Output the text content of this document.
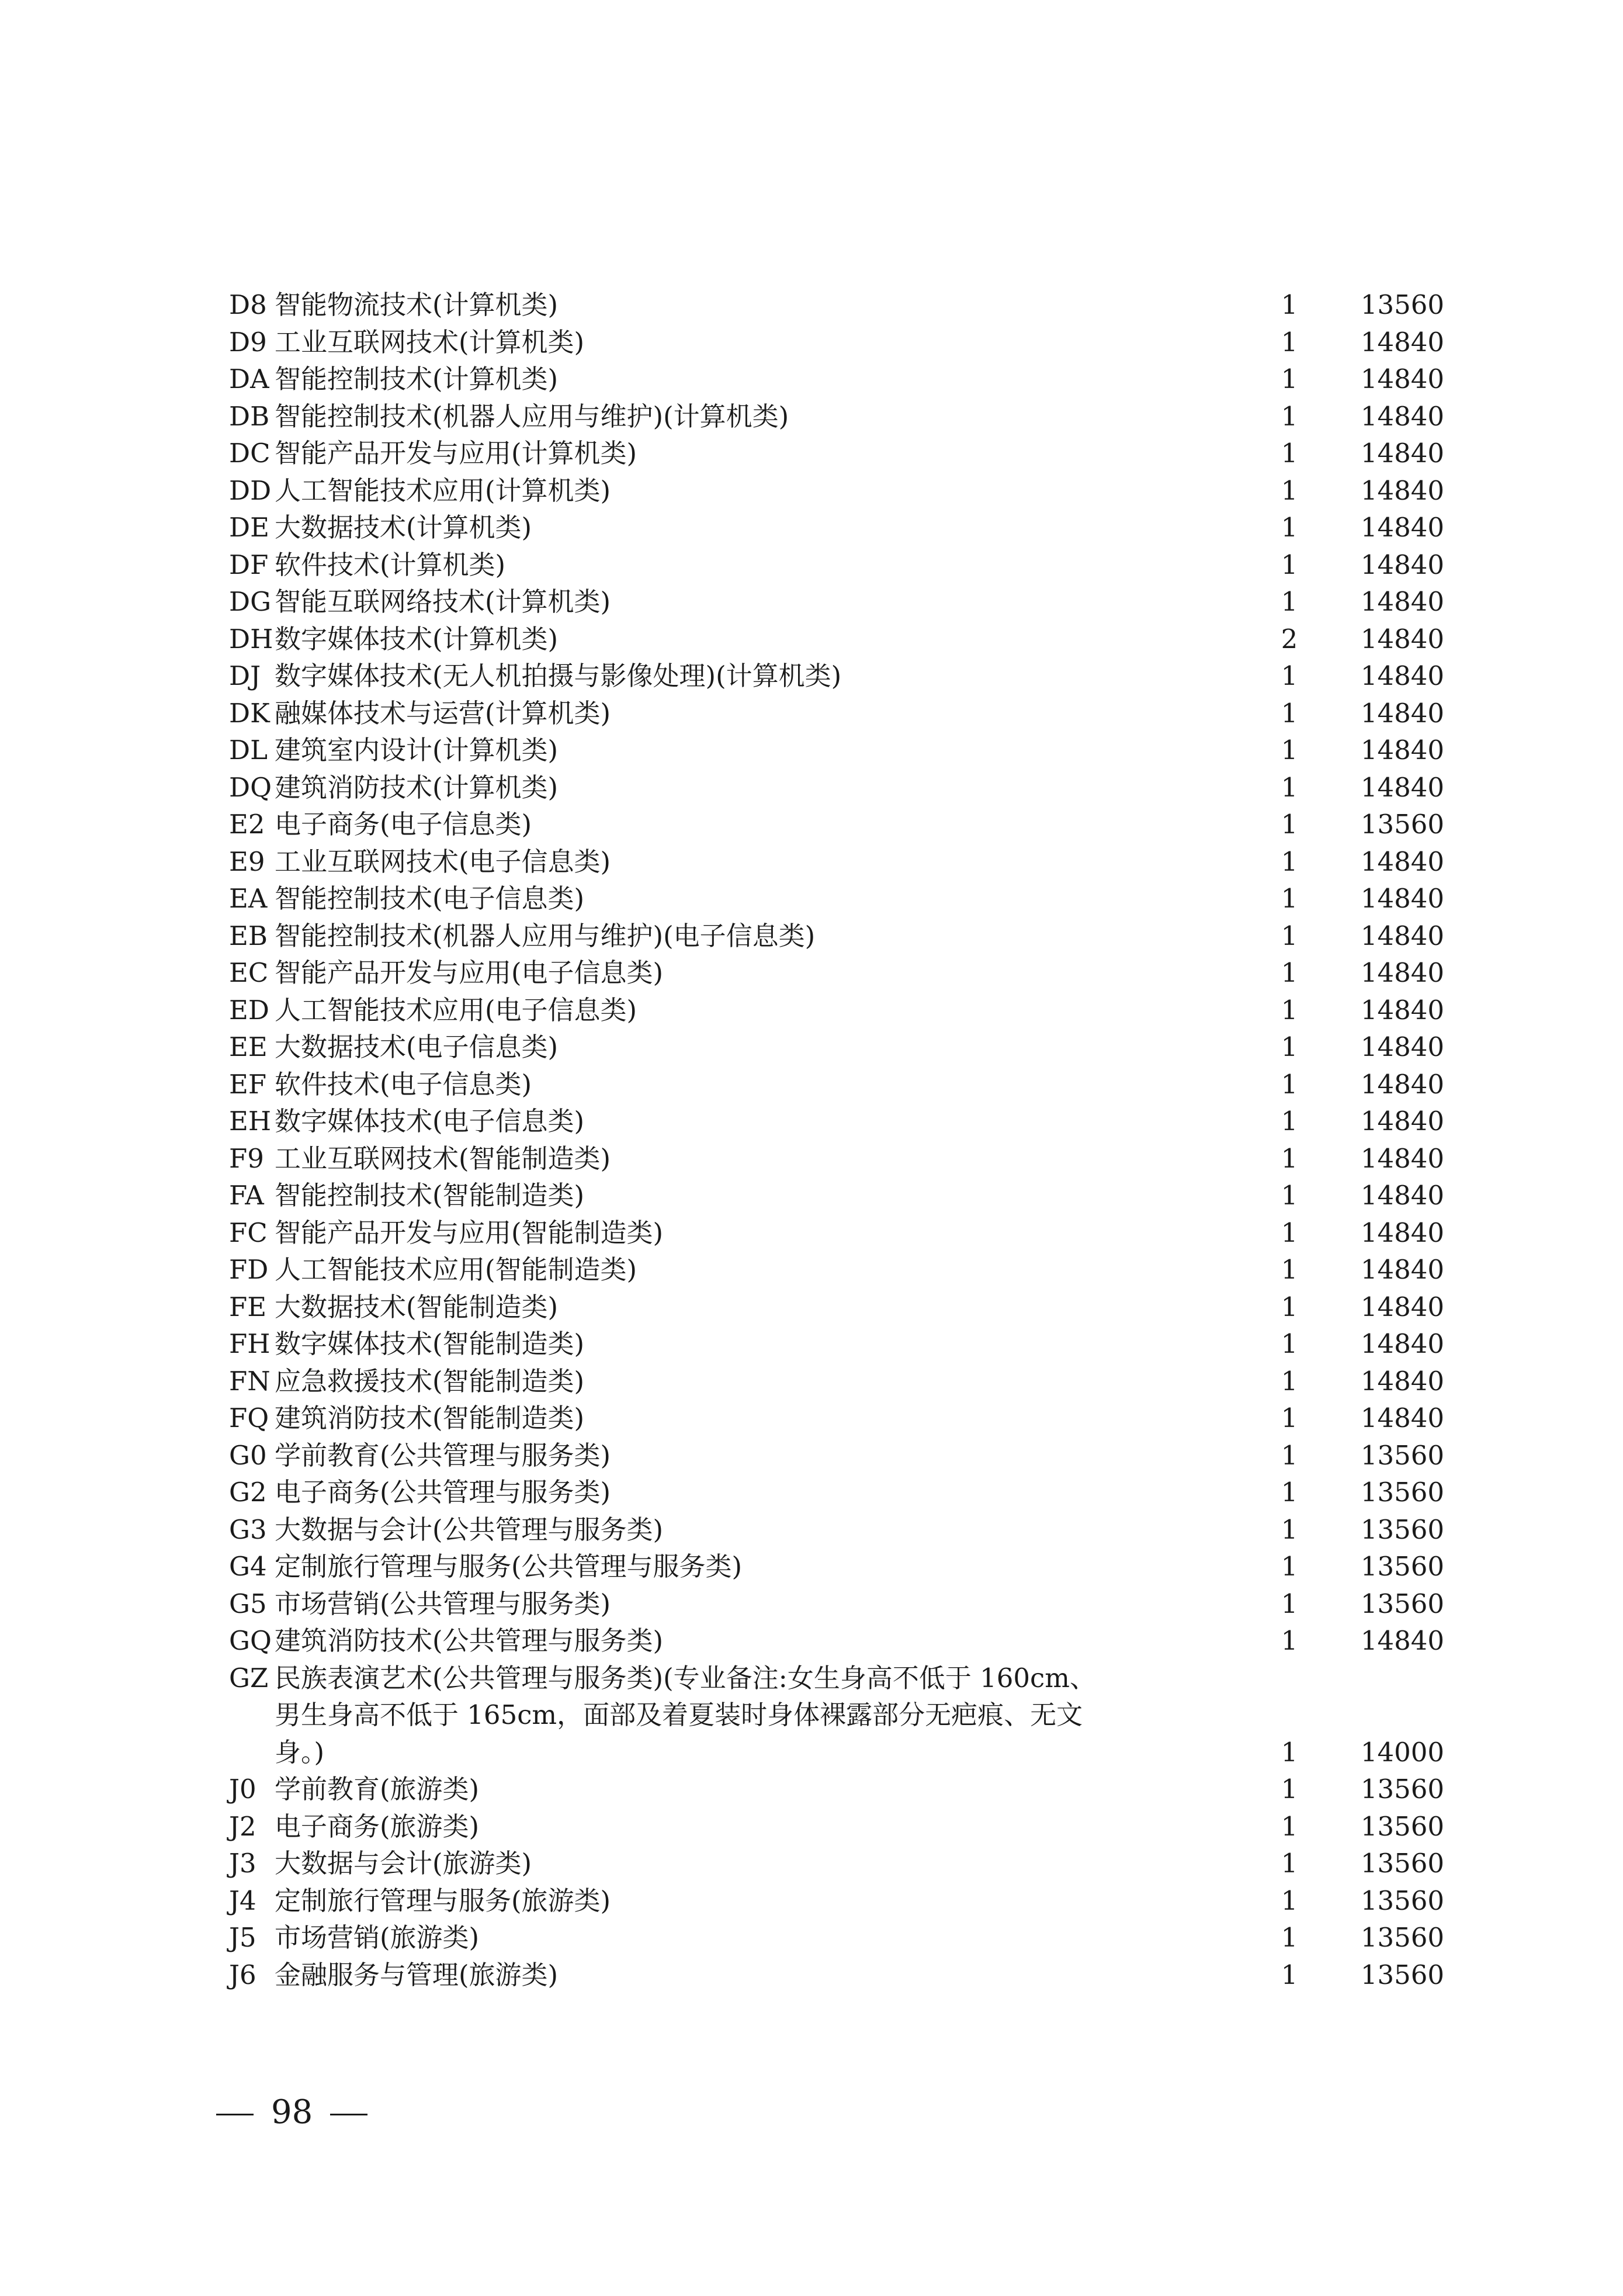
D8 智能物流技术(计算机类)	1 13560
D9 工业互联网技术(计算机类)	1 14840
DA 智能控制技术(计算机类)	1 14840
DB 智能控制技术(机器人应用与维护)(计算机类)	1 14840
DC 智能产品开发与应用(计算机类)	1 14840
DD 人工智能技术应用(计算机类)	1 14840
DE 大数据技术(计算机类)	1 14840
DF 软件技术(计算机类)	1 14840
DG 智能互联网络技术(计算机类)	1 14840
DH 数字媒体技术(计算机类)	2 14840
DJ 数字媒体技术(无人机拍摄与影像处理)(计算机类)	1 14840
DK 融媒体技术与运营(计算机类)	1 14840
DL 建筑室内设计(计算机类)	1 14840
DQ 建筑消防技术(计算机类)	1 14840
E2 电子商务(电子信息类)	1 13560
E9 工业互联网技术(电子信息类)	1 14840
EA 智能控制技术(电子信息类)	1 14840
EB 智能控制技术(机器人应用与维护)(电子信息类)	1 14840
EC 智能产品开发与应用(电子信息类)	1 14840
ED 人工智能技术应用(电子信息类)	1 14840
EE 大数据技术(电子信息类)	1 14840
EF 软件技术(电子信息类)	1 14840
EH 数字媒体技术(电子信息类)	1 14840
F9 工业互联网技术(智能制造类)	1 14840
FA 智能控制技术(智能制造类)	1 14840
FC 智能产品开发与应用(智能制造类)	1 14840
FD 人工智能技术应用(智能制造类)	1 14840
FE 大数据技术(智能制造类)	1 14840
FH 数字媒体技术(智能制造类)	1 14840
FN 应急救援技术(智能制造类)	1 14840
FQ 建筑消防技术(智能制造类)	1 14840
G0 学前教育(公共管理与服务类)	1 13560
G2 电子商务(公共管理与服务类)	1 13560
G3 大数据与会计(公共管理与服务类)	1 13560
G4 定制旅行管理与服务(公共管理与服务类)	1 13560
G5 市场营销(公共管理与服务类)	1 13560
GQ 建筑消防技术(公共管理与服务类)	1 14840
GZ 民族表演艺术(公共管理与服务类)(专业备注:女生身高不低于 160cm、
男生身高不低于 165cm，面部及着夏装时身体裸露部分无疤痕、无文
身。)	1 14000
J0 学前教育(旅游类)	1 13560
J2 电子商务(旅游类)	1 13560
J3 大数据与会计(旅游类)	1 13560
J4 定制旅行管理与服务(旅游类)	1 13560
J5 市场营销(旅游类)	1 13560
J6 金融服务与管理(旅游类)	1 13560
98
